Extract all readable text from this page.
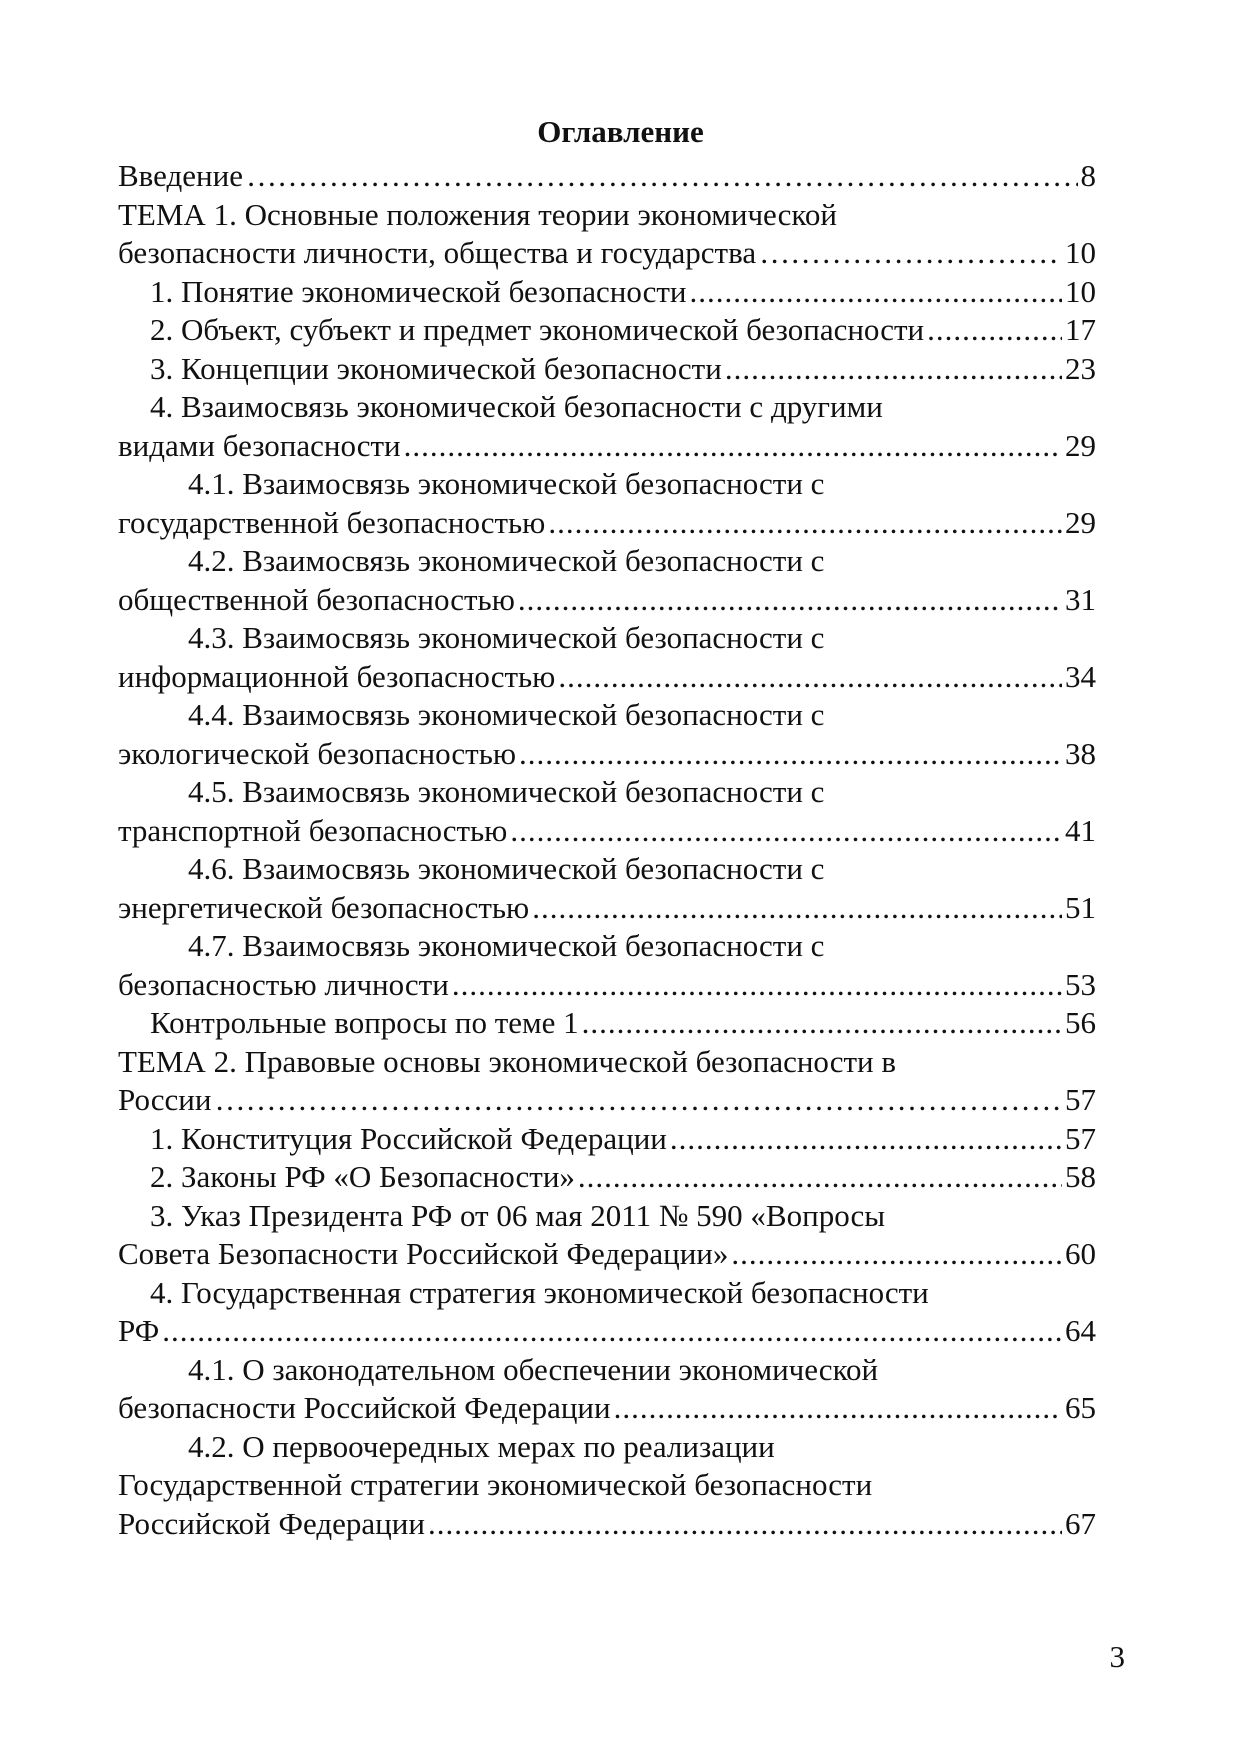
Оглавление
Введение ………………………………………………………………………………………………………………………	8
ТЕМА 1. Основные положения теории экономической
безопасности личности, общества и государства ………………………………………………………………………………………………………………………	10
1. Понятие экономической безопасности .....	10
2. Объект, субъект и предмет экономической безопасности .....	17
3. Концепции экономической безопасности .....	23
4. Взаимосвязь экономической безопасности с другими
видами безопасности .....	29
4.1. Взаимосвязь экономической безопасности с
государственной безопасностью .....	29
4.2. Взаимосвязь экономической безопасности с
общественной безопасностью .....	31
4.3. Взаимосвязь экономической безопасности с
информационной безопасностью .....	34
4.4. Взаимосвязь экономической безопасности с
экологической безопасностью .....	38
4.5. Взаимосвязь экономической безопасности с
транспортной безопасностью .....	41
4.6. Взаимосвязь экономической безопасности с
энергетической безопасностью .....	51
4.7. Взаимосвязь экономической безопасности с
безопасностью личности .....	53
Контрольные вопросы по теме 1 .....	56
ТЕМА 2. Правовые основы экономической безопасности в
России ………………………………………………………………………………………………………………………	57
1. Конституция Российской Федерации .....	57
2. Законы РФ «О Безопасности» .....	58
3. Указ Президента РФ от 06 мая 2011 № 590 «Вопросы
Совета Безопасности Российской Федерации» .....	60
4. Государственная стратегия экономической безопасности
РФ .....	64
4.1. О законодательном обеспечении экономической
безопасности Российской Федерации .....	65
4.2. О первоочередных мерах по реализации
Государственной стратегии экономической безопасности
Российской Федерации .....	67
3
